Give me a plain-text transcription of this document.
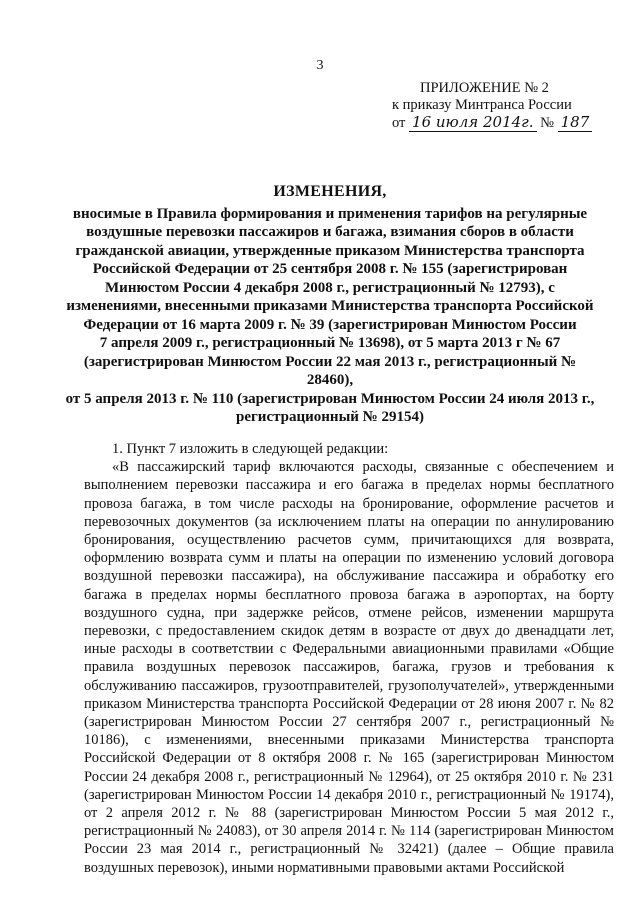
3
ПРИЛОЖЕНИЕ № 2
к приказу Минтранса России
от 16 июля 2014г. № 187
ИЗМЕНЕНИЯ,
вносимые в Правила формирования и применения тарифов на регулярные
воздушные перевозки пассажиров и багажа, взимания сборов в области
гражданской авиации, утвержденные приказом Министерства транспорта
Российской Федерации от 25 сентября 2008 г. № 155 (зарегистрирован
Минюстом России 4 декабря 2008 г., регистрационный № 12793), с
изменениями, внесенными приказами Министерства транспорта Российской
Федерации от 16 марта 2009 г. № 39 (зарегистрирован Минюстом России
7 апреля 2009 г., регистрационный № 13698), от 5 марта 2013 г № 67
(зарегистрирован Минюстом России 22 мая 2013 г., регистрационный № 28460),
от 5 апреля 2013 г. № 110 (зарегистрирован Минюстом России 24 июля 2013 г.,
регистрационный № 29154)

1. Пункт 7 изложить в следующей редакции:

«В пассажирский тариф включаются расходы, связанные с обеспечением и выполнением перевозки пассажира и его багажа в пределах нормы бесплатного провоза багажа, в том числе расходы на бронирование, оформление расчетов и перевозочных документов (за исключением платы на операции по аннулированию бронирования, осуществлению расчетов сумм, причитающихся для возврата, оформлению возврата сумм и платы на операции по изменению условий договора воздушной перевозки пассажира), на обслуживание пассажира и обработку его багажа в пределах нормы бесплатного провоза багажа в аэропортах, на борту воздушного судна, при задержке рейсов, отмене рейсов, изменении маршрута перевозки, с предоставлением скидок детям в возрасте от двух до двенадцати лет, иные расходы в соответствии с Федеральными авиационными правилами «Общие правила воздушных перевозок пассажиров, багажа, грузов и требования к обслуживанию пассажиров, грузоотправителей, грузополучателей», утвержденными приказом Министерства транспорта Российской Федерации от 28 июня 2007 г. № 82 (зарегистрирован Минюстом России 27 сентября 2007 г., регистрационный № 10186), с изменениями, внесенными приказами Министерства транспорта Российской Федерации от 8 октября 2008 г. № 165 (зарегистрирован Минюстом России 24 декабря 2008 г., регистрационный № 12964), от 25 октября 2010 г. № 231 (зарегистрирован Минюстом России 14 декабря 2010 г., регистрационный № 19174), от 2 апреля 2012 г. № 88 (зарегистрирован Минюстом России 5 мая 2012 г., регистрационный № 24083), от 30 апреля 2014 г. № 114 (зарегистрирован Минюстом России 23 мая 2014 г., регистрационный № 32421) (далее – Общие правила воздушных перевозок), иными нормативными правовыми актами Российской
